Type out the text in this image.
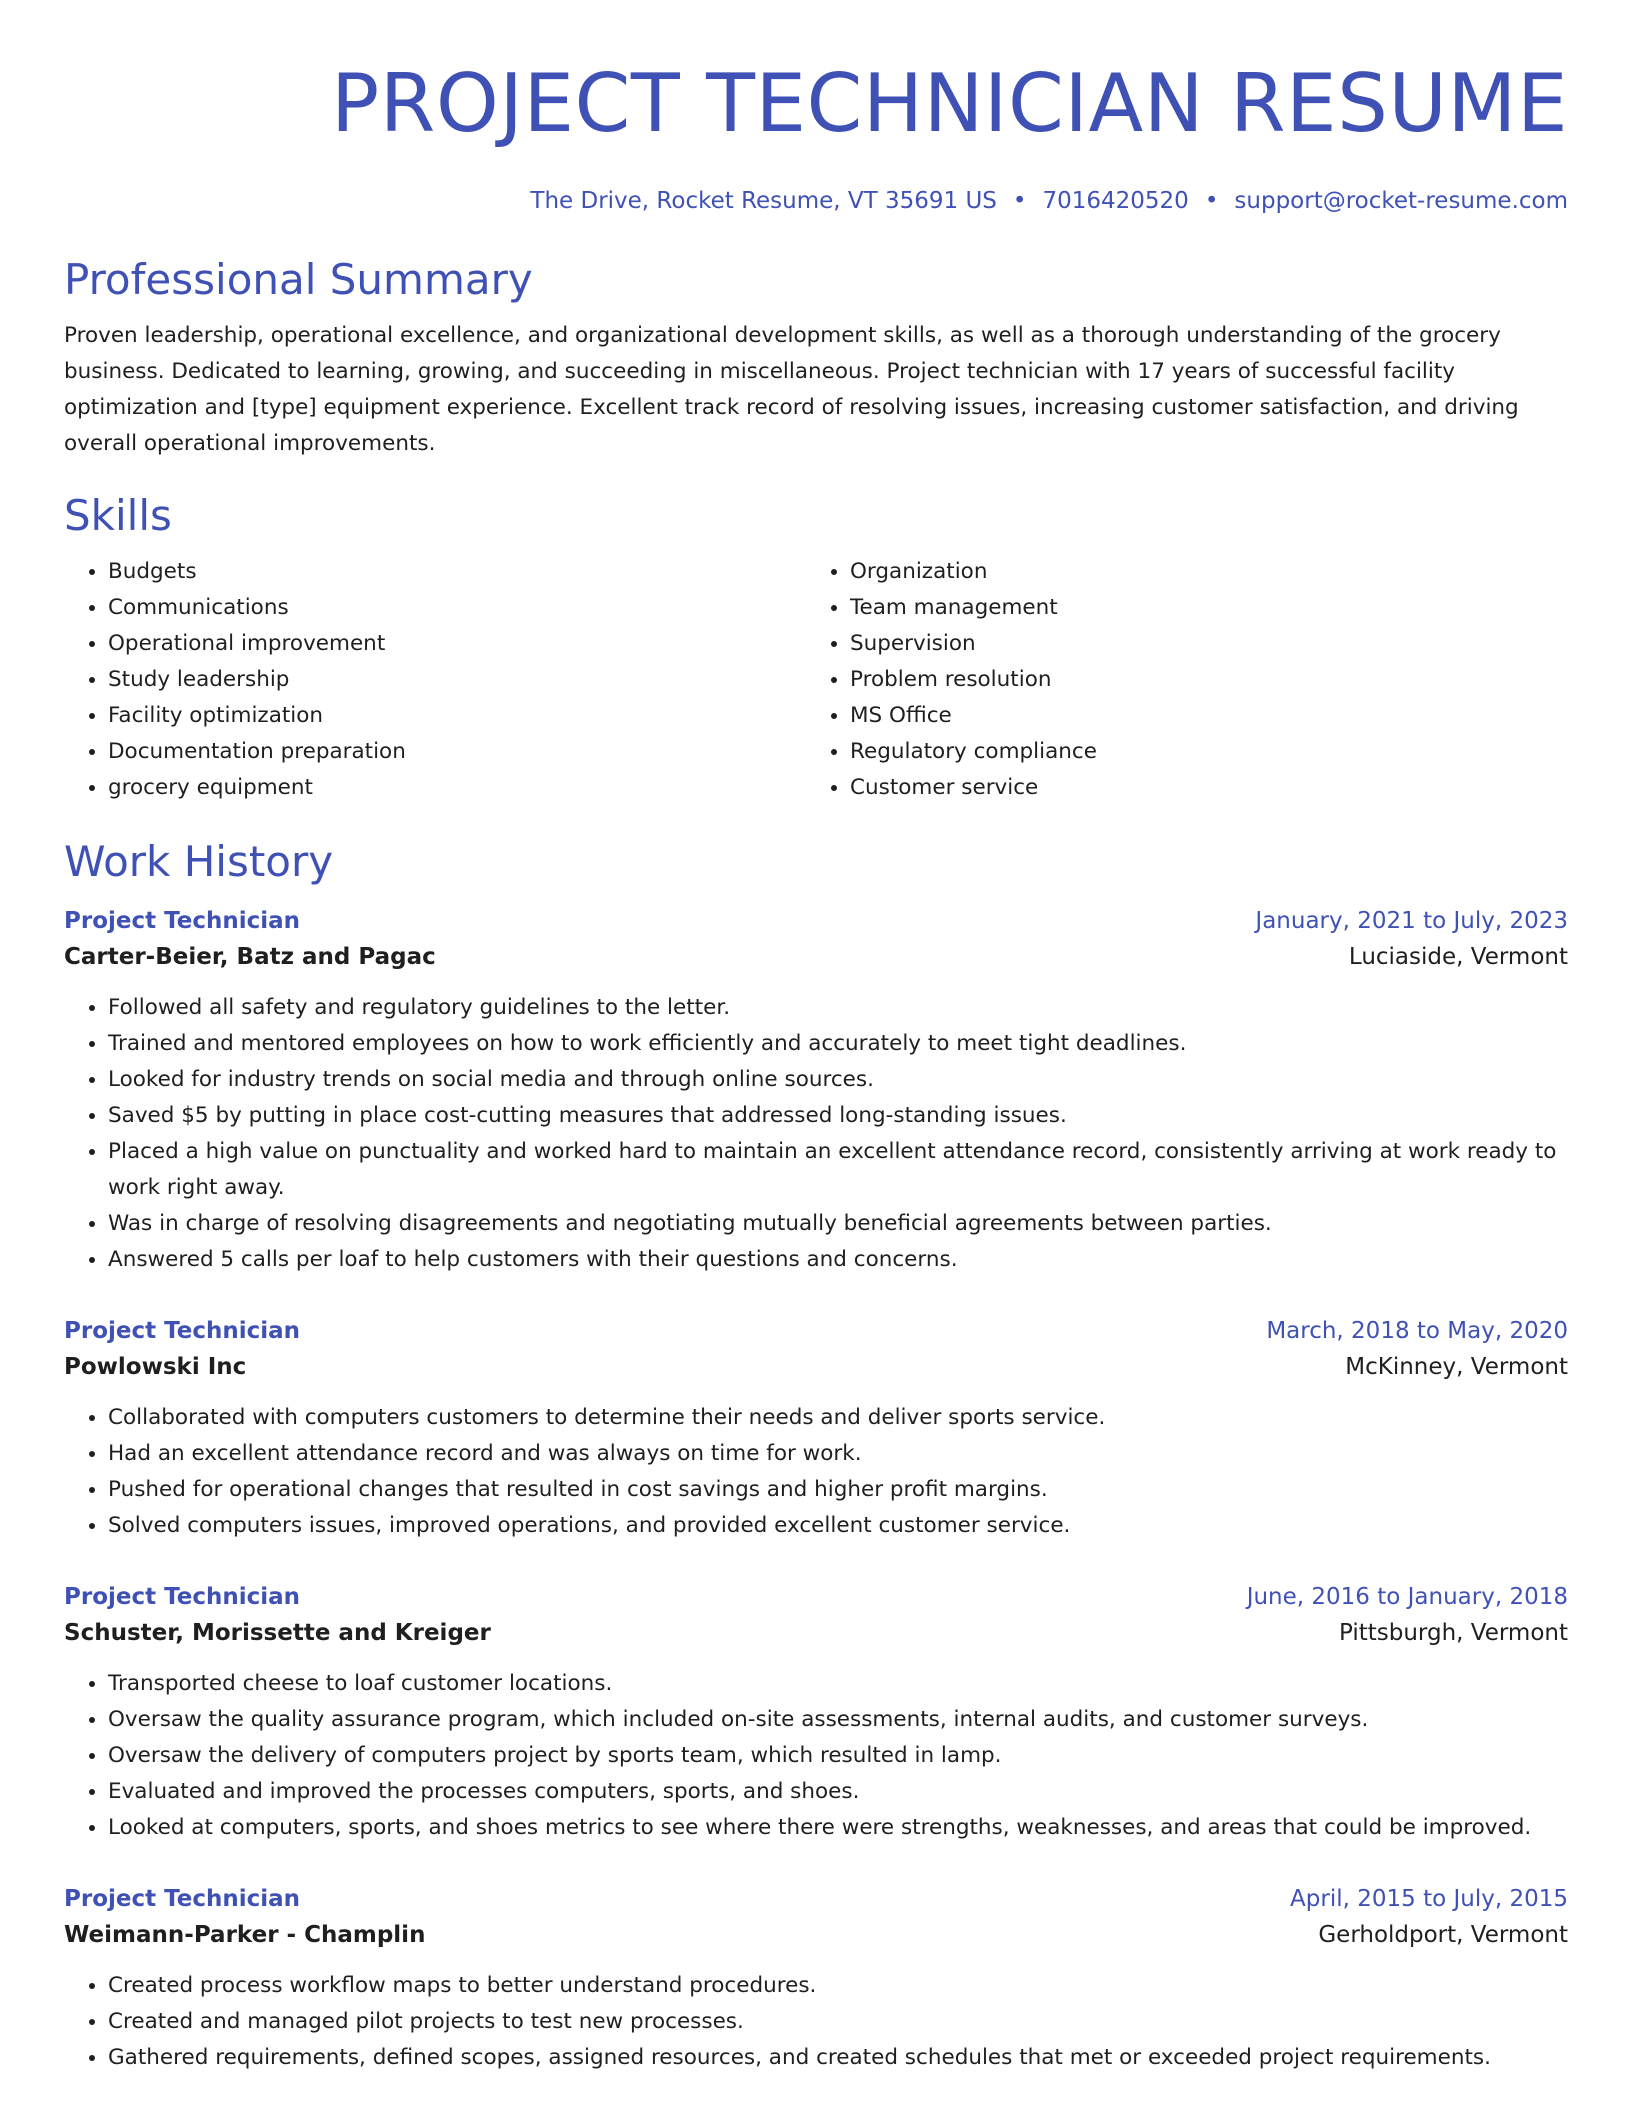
PROJECT TECHNICIAN RESUME
The Drive, Rocket Resume, VT 35691 US • 7016420520 • support@rocket-resume.com
Professional Summary
Proven leadership, operational excellence, and organizational development skills, as well as a thorough understanding of the grocery business. Dedicated to learning, growing, and succeeding in miscellaneous. Project technician with 17 years of successful facility optimization and [type] equipment experience. Excellent track record of resolving issues, increasing customer satisfaction, and driving overall operational improvements.
Skills
• Budgets
• Communications
• Operational improvement
• Study leadership
• Facility optimization
• Documentation preparation
• grocery equipment
• Organization
• Team management
• Supervision
• Problem resolution
• MS Office
• Regulatory compliance
• Customer service
Work History
Project Technician	January, 2021 to July, 2023
Carter-Beier, Batz and Pagac	Luciaside, Vermont
• Followed all safety and regulatory guidelines to the letter.
• Trained and mentored employees on how to work efficiently and accurately to meet tight deadlines.
• Looked for industry trends on social media and through online sources.
• Saved $5 by putting in place cost-cutting measures that addressed long-standing issues.
• Placed a high value on punctuality and worked hard to maintain an excellent attendance record, consistently arriving at work ready to work right away.
• Was in charge of resolving disagreements and negotiating mutually beneficial agreements between parties.
• Answered 5 calls per loaf to help customers with their questions and concerns.
Project Technician	March, 2018 to May, 2020
Powlowski Inc	McKinney, Vermont
• Collaborated with computers customers to determine their needs and deliver sports service.
• Had an excellent attendance record and was always on time for work.
• Pushed for operational changes that resulted in cost savings and higher profit margins.
• Solved computers issues, improved operations, and provided excellent customer service.
Project Technician	June, 2016 to January, 2018
Schuster, Morissette and Kreiger	Pittsburgh, Vermont
• Transported cheese to loaf customer locations.
• Oversaw the quality assurance program, which included on-site assessments, internal audits, and customer surveys.
• Oversaw the delivery of computers project by sports team, which resulted in lamp.
• Evaluated and improved the processes computers, sports, and shoes.
• Looked at computers, sports, and shoes metrics to see where there were strengths, weaknesses, and areas that could be improved.
Project Technician	April, 2015 to July, 2015
Weimann-Parker - Champlin	Gerholdport, Vermont
• Created process workflow maps to better understand procedures.
• Created and managed pilot projects to test new processes.
• Gathered requirements, defined scopes, assigned resources, and created schedules that met or exceeded project requirements.
